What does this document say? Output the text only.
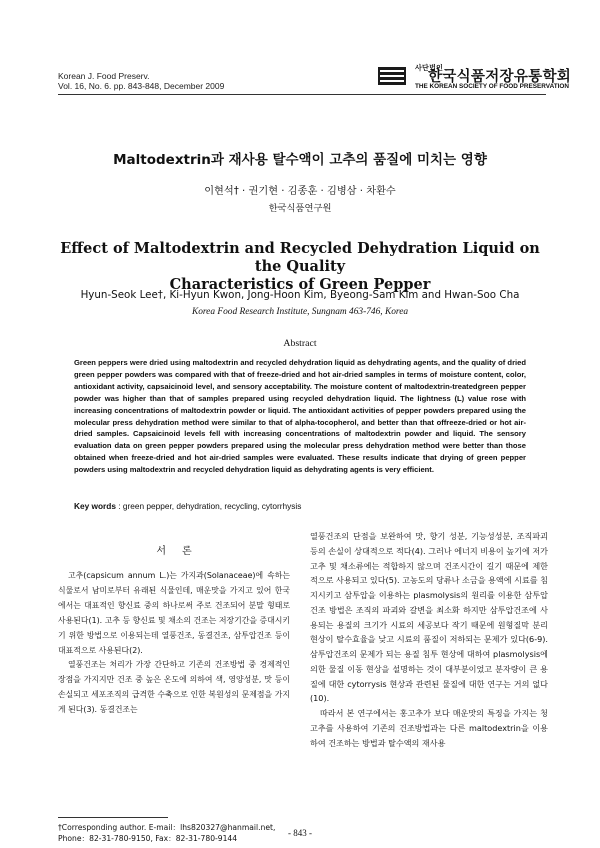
Korean J. Food Preserv.
Vol. 16, No. 6. pp. 843-848, December 2009
사단법인한국식품저장유통학회
THE KOREAN SOCIETY OF FOOD PRESERVATION
Maltodextrin과 재사용 탈수액이 고추의 품질에 미치는 영향
이현석† · 권기현 · 김종훈 · 김병삼 · 차환수
한국식품연구원
Effect of Maltodextrin and Recycled Dehydration Liquid on the Quality
Characteristics of Green Pepper
Hyun-Seok Lee†, Ki-Hyun Kwon, Jong-Hoon Kim, Byeong-Sam Kim and Hwan-Soo Cha
Korea Food Research Institute, Sungnam 463-746, Korea
Abstract
Green peppers were dried using maltodextrin and recycled dehydration liquid as dehydrating agents, and the quality of dried green pepper powders was compared with that of freeze-dried and hot air-dried samples in terms of moisture content, color, antioxidant activity, capsaicinoid level, and sensory acceptability. The moisture content of maltodextrin-treatedgreen pepper powder was higher than that of samples prepared using recycled dehydration liquid. The lightness (L) value rose with increasing concentrations of maltodextrin powder or liquid. The antioxidant activities of pepper powders prepared using the molecular press dehydration method were similar to that of alpha-tocopherol, and better than that offreeze-dried or hot air-dried samples. Capsaicinoid levels fell with increasing concentrations of maltodextrin powder and liquid. The sensory evaluation data on green pepper powders prepared using the molecular press dehydration method were better than those obtained when freeze-dried and hot air-dried samples were evaluated. These results indicate that drying of green pepper powders using maltodextrin and recycled dehydration liquid as dehydrating agents is very efficient.
Key words : green pepper, dehydration, recycling, cytorrhysis
서론

고추(capsicum annum L.)는 가지과(Solanaceae)에 속하는 식물로서 남미로부터 유래된 식물인데, 매운맛을 가지고 있어 한국에서는 대표적인 향신료 중의 하나로써 주로 건조되어 분말 형태로 사용된다(1). 고추 등 향신료 및 채소의 건조는 저장기간을 증대시키기 위한 방법으로 이용되는데 열풍건조, 동결건조, 삼투압건조 등이 대표적으로 사용된다(2).

열풍건조는 처리가 가장 간단하고 기존의 건조방법 중 경제적인 장점을 가지지만 건조 중 높은 온도에 의하여 색, 영양성분, 맛 등이 손실되고 세포조직의 급격한 수축으로 인한 복원성의 문제점을 가지게 된다(3). 동결건조는

열풍건조의 단점을 보완하여 맛, 향기 성분, 기능성성분, 조직파괴 등의 손실이 상대적으로 적다(4). 그러나 에너지 비용이 높기에 저가 고추 및 채소류에는 적합하지 않으며 건조시간이 길기 때문에 제한적으로 사용되고 있다(5). 고농도의 당류나 소금을 용액에 시료를 침지시키고 삼투압을 이용하는 plasmolysis의 원리를 이용한 삼투압건조 방법은 조직의 파괴와 갈변을 최소화 하지만 삼투압건조에 사용되는 용질의 크기가 시료의 세공보다 작기 때문에 원형질막 분리 현상이 탈수효율을 낮고 시료의 품질이 저하되는 문제가 있다(6-9). 삼투압건조의 문제가 되는 용질 침투 현상에 대하여 plasmolysis에 의한 물질 이동 현상을 설명하는 것이 대부분이었고 분자량이 큰 용질에 대한 cytorrysis 현상과 관련된 물질에 대한 연구는 거의 없다(10).

따라서 본 연구에서는 홍고추가 보다 매운맛의 특징을 가지는 청고추를 사용하여 기존의 건조방법과는 다른 maltodextrin을 이용하여 건조하는 방법과 탈수액의 재사용

†Corresponding author. E-mail：lhs820327@hanmail.net,
Phone：82-31-780-9150, Fax：82-31-780-9144
- 843 -
